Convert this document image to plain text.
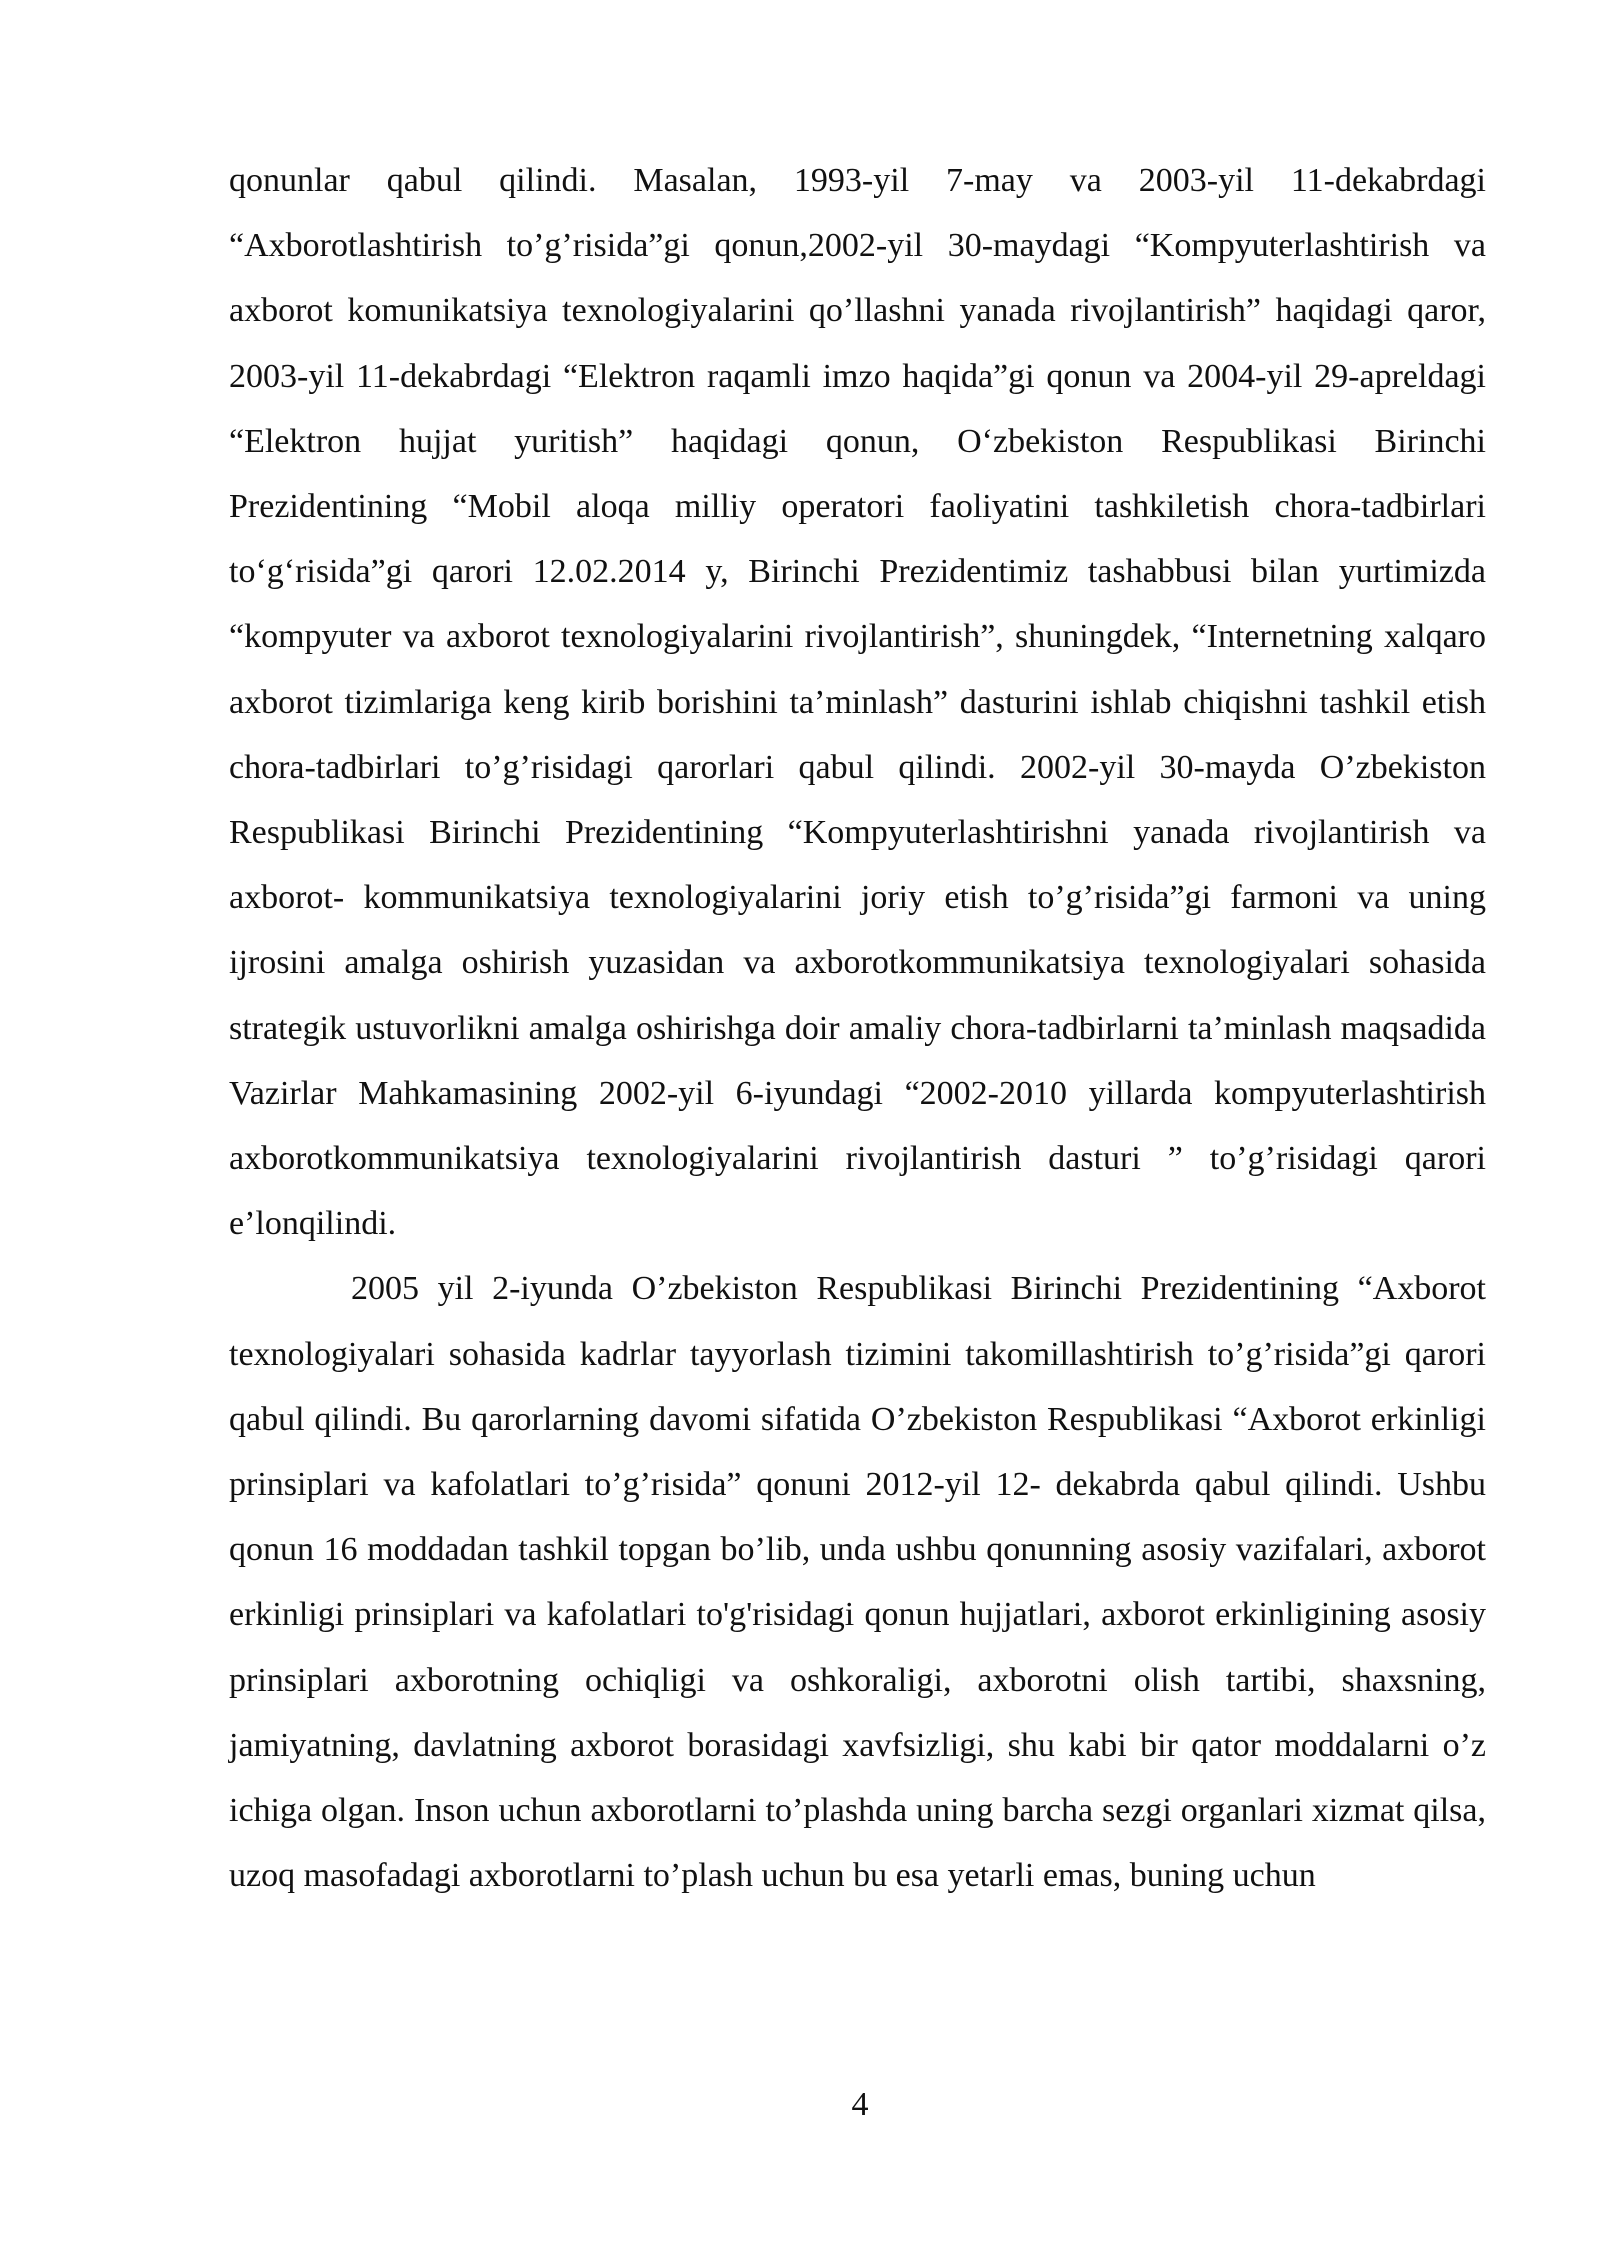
qonunlar qabul qilindi. Masalan, 1993-yil 7-may va 2003-yil 11-dekabrdagi “Axborotlashtirish to’g’risida”gi qonun,2002-yil 30-maydagi “Kompyuterlashtirish va axborot komunikatsiya texnologiyalarini qo’llashni yanada rivojlantirish” haqidagi qaror, 2003-yil 11-dekabrdagi “Elektron raqamli imzo haqida”gi qonun va 2004-yil 29-apreldagi “Elektron hujjat yuritish” haqidagi qonun, O‘zbekiston Respublikasi Birinchi Prezidentining “Mobil aloqa milliy operatori faoliyatini tashkiletish chora-tadbirlari to‘g‘risida”gi qarori 12.02.2014 y, Birinchi Prezidentimiz tashabbusi bilan yurtimizda “kompyuter va axborot texnologiyalarini rivojlantirish”, shuningdek, “Internetning xalqaro axborot tizimlariga keng kirib borishini ta’minlash” dasturini ishlab chiqishni tashkil etish chora-tadbirlari to’g’risidagi qarorlari qabul qilindi. 2002-yil 30-mayda O’zbekiston Respublikasi Birinchi Prezidentining “Kompyuterlashtirishni yanada rivojlantirish va axborot- kommunikatsiya texnologiyalarini joriy etish to’g’risida”gi farmoni va uning ijrosini amalga oshirish yuzasidan va axborotkommunikatsiya texnologiyalari sohasida strategik ustuvorlikni amalga oshirishga doir amaliy chora-tadbirlarni ta’minlash maqsadida Vazirlar Mahkamasining 2002-yil 6-iyundagi “2002-2010 yillarda kompyuterlashtirish axborotkommunikatsiya texnologiyalarini rivojlantirish dasturi ” to’g’risidagi qarori e’lonqilindi.

2005 yil 2-iyunda O’zbekiston Respublikasi Birinchi Prezidentining “Axborot texnologiyalari sohasida kadrlar tayyorlash tizimini takomillashtirish to’g’risida”gi qarori qabul qilindi. Bu qarorlarning davomi sifatida O’zbekiston Respublikasi “Axborot erkinligi prinsiplari va kafolatlari to’g’risida” qonuni 2012-yil 12- dekabrda qabul qilindi. Ushbu qonun 16 moddadan tashkil topgan bo’lib, unda ushbu qonunning asosiy vazifalari, axborot erkinligi prinsiplari va kafolatlari to'g'risidagi qonun hujjatlari, axborot erkinligining asosiy prinsiplari axborotning ochiqligi va oshkoraligi, axborotni olish tartibi, shaxsning, jamiyatning, davlatning axborot borasidagi xavfsizligi, shu kabi bir qator moddalarni o’z ichiga olgan. Inson uchun axborotlarni to’plashda uning barcha sezgi organlari xizmat qilsa, uzoq masofadagi axborotlarni to’plash uchun bu esa yetarli emas, buning uchun

4
